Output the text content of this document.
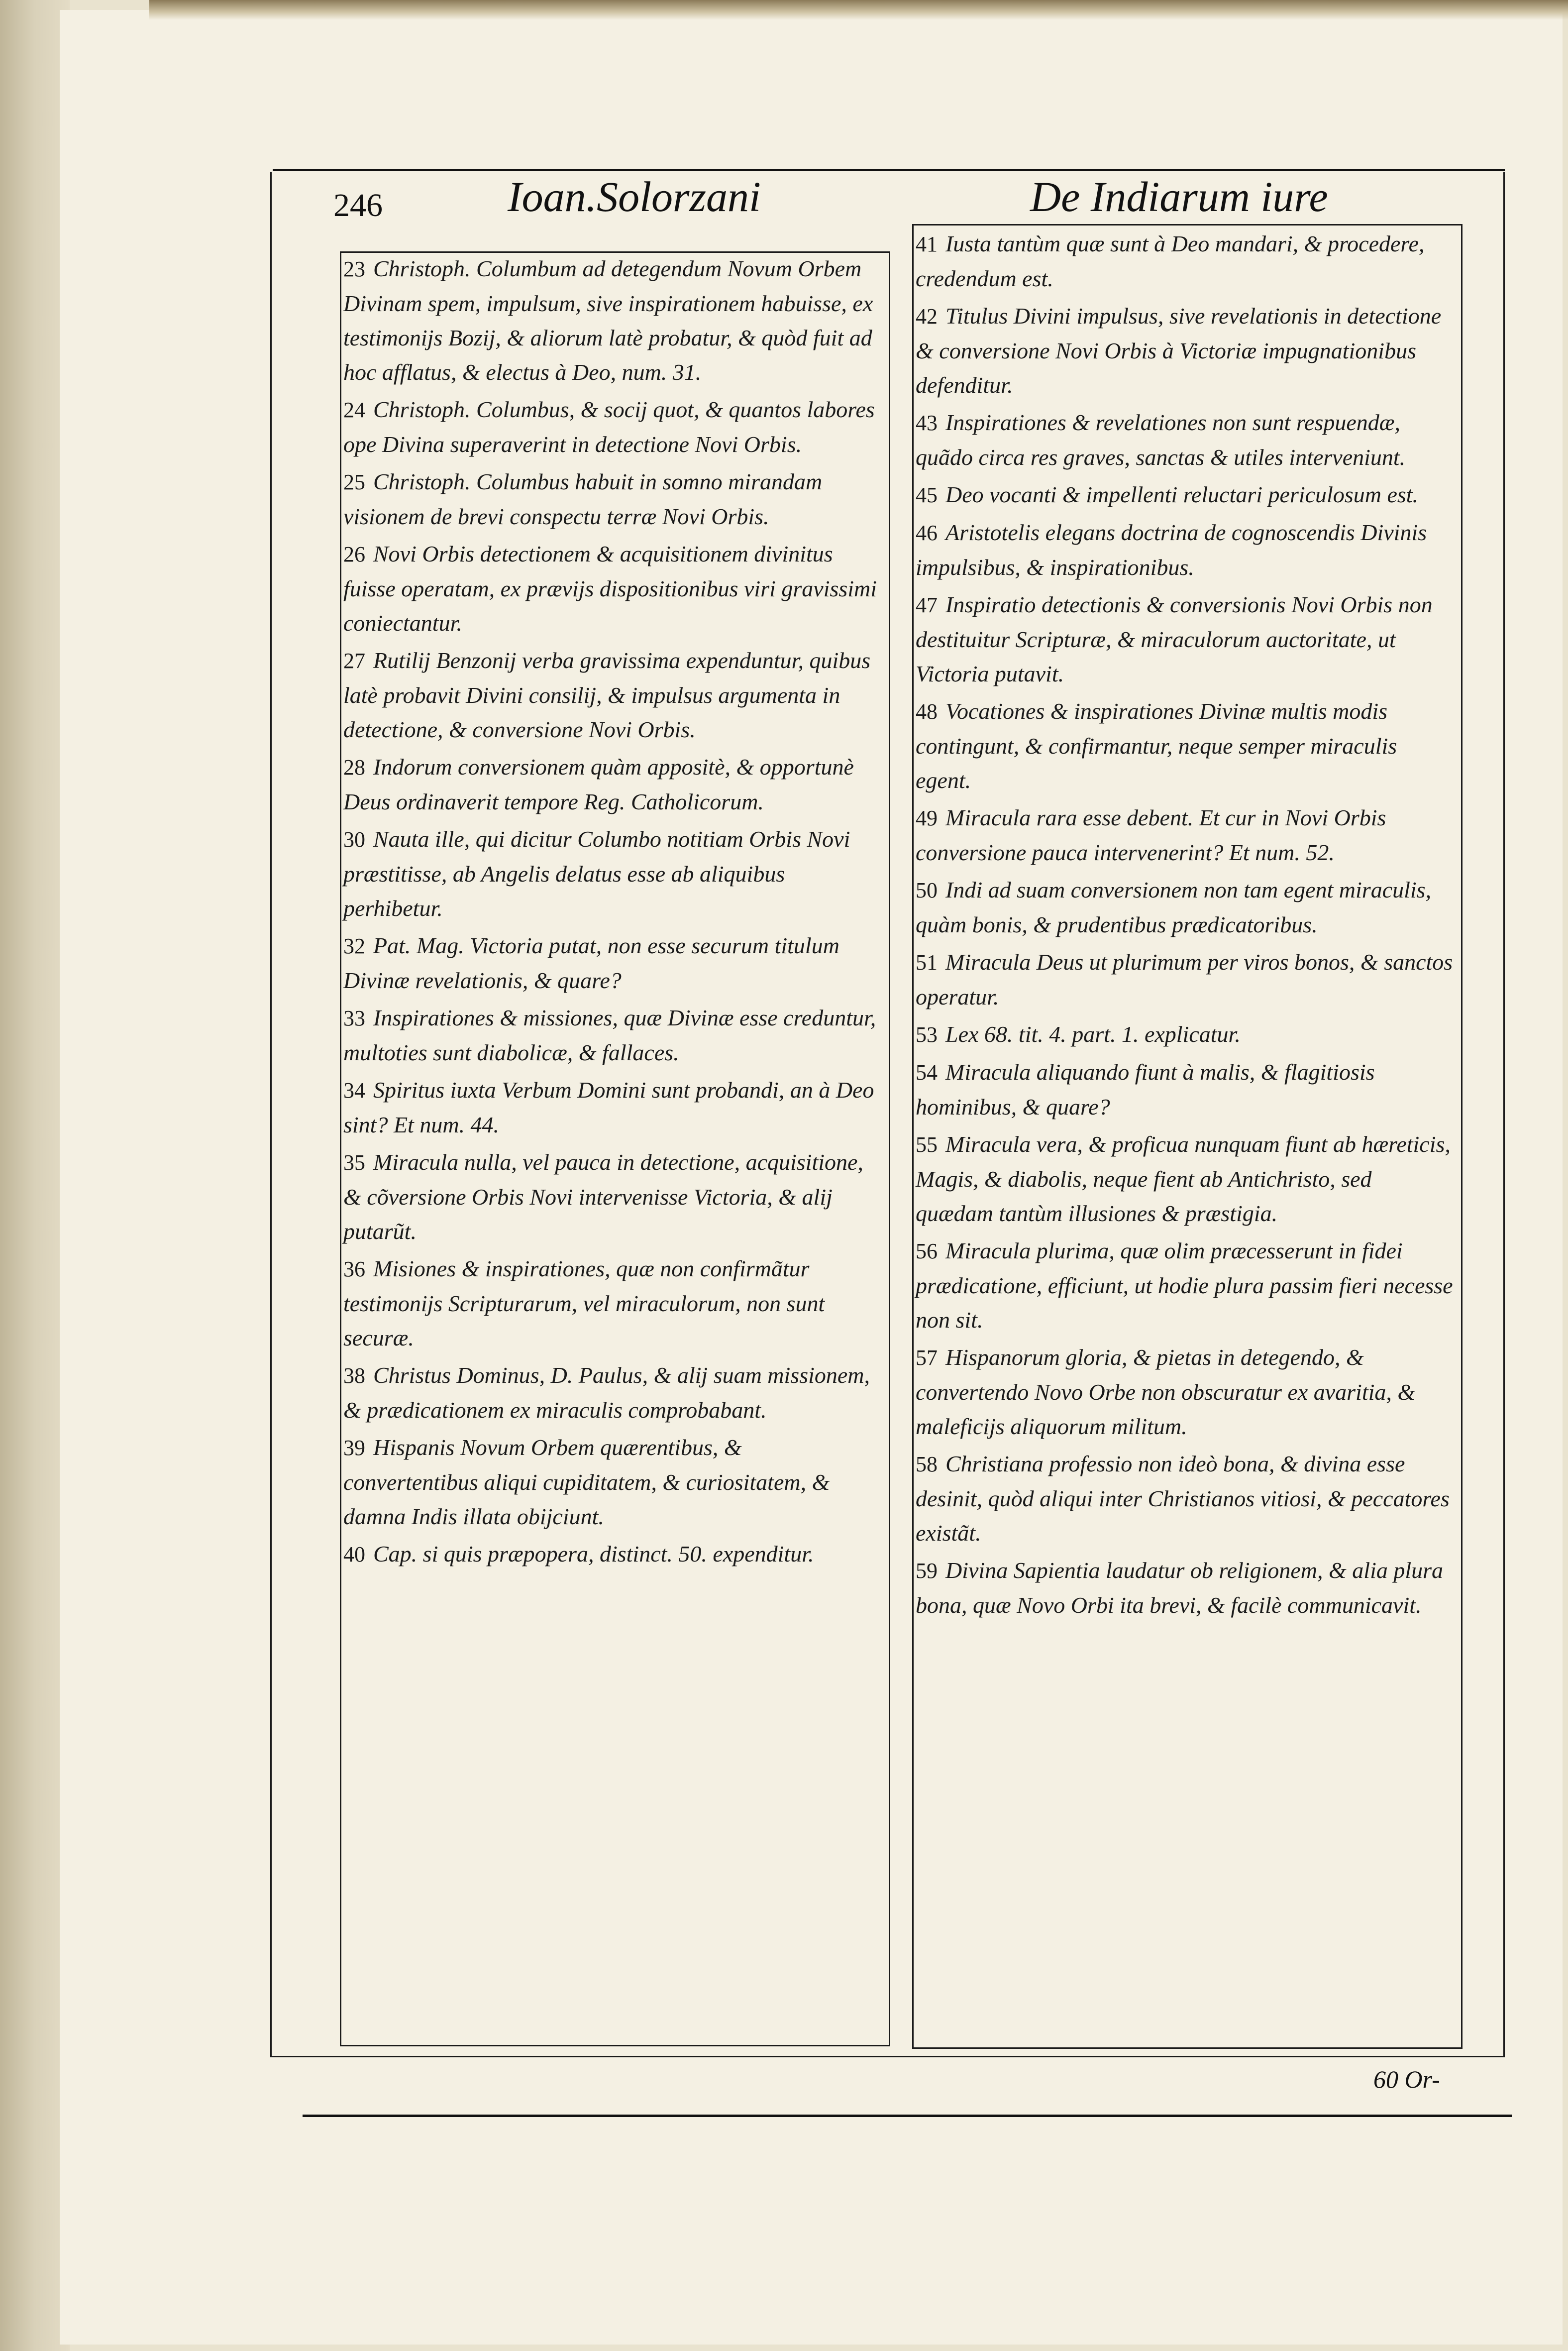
246	Ioan.Solorzani	De Indiarum iure
23 Christoph. Columbum ad detegendum Novum Orbem Divinam spem, impulsum, sive inspirationem habuisse, ex testimonijs Bozij, & aliorum latè probatur, & quòd fuit ad hoc afflatus, & electus à Deo, num. 31.
24 Christoph. Columbus, & socij quot, & quantos labores ope Divina superaverint in detectione Novi Orbis.
25 Christoph. Columbus habuit in somno mirandam visionem de brevi conspectu terræ Novi Orbis.
26 Novi Orbis detectionem & acquisitionem divinitus fuisse operatam, ex prævijs dispositionibus viri gravissimi coniectantur.
27 Rutilij Benzonij verba gravissima expenduntur, quibus latè probavit Divini consilij, & impulsus argumenta in detectione, & conversione Novi Orbis.
28 Indorum conversionem quàm appositè, & opportunè Deus ordinaverit tempore Reg. Catholicorum.
30 Nauta ille, qui dicitur Columbo notitiam Orbis Novi præstitisse, ab Angelis delatus esse ab aliquibus perhibetur.
32 Pat. Mag. Victoria putat, non esse securum titulum Divinæ revelationis, & quare?
33 Inspirationes & missiones, quæ Divinæ esse creduntur, multoties sunt diabolicæ, & fallaces.
34 Spiritus iuxta Verbum Domini sunt probandi, an à Deo sint? Et num. 44.
35 Miracula nulla, vel pauca in detectione, acquisitione, & cõversione Orbis Novi intervenisse Victoria, & alij putarũt.
36 Misiones & inspirationes, quæ non confirmãtur testimonijs Scripturarum, vel miraculorum, non sunt securæ.
38 Christus Dominus, D. Paulus, & alij suam missionem, & prædicationem ex miraculis comprobabant.
39 Hispanis Novum Orbem quærentibus, & convertentibus aliqui cupiditatem, & curiositatem, & damna Indis illata obijciunt.
40 Cap. si quis præpopera, distinct. 50. expenditur.
41 Iusta tantùm quæ sunt à Deo mandari, & procedere, credendum est.
42 Titulus Divini impulsus, sive revelationis in detectione & conversione Novi Orbis à Victoriæ impugnationibus defenditur.
43 Inspirationes & revelationes non sunt respuendæ, quãdo circa res graves, sanctas & utiles interveniunt.
45 Deo vocanti & impellenti reluctari periculosum est.
46 Aristotelis elegans doctrina de cognoscendis Divinis impulsibus, & inspirationibus.
47 Inspiratio detectionis & conversionis Novi Orbis non destituitur Scripturæ, & miraculorum auctoritate, ut Victoria putavit.
48 Vocationes & inspirationes Divinæ multis modis contingunt, & confirmantur, neque semper miraculis egent.
49 Miracula rara esse debent. Et cur in Novi Orbis conversione pauca intervenerint? Et num. 52.
50 Indi ad suam conversionem non tam egent miraculis, quàm bonis, & prudentibus prædicatoribus.
51 Miracula Deus ut plurimum per viros bonos, & sanctos operatur.
53 Lex 68. tit. 4. part. 1. explicatur.
54 Miracula aliquando fiunt à malis, & flagitiosis hominibus, & quare?
55 Miracula vera, & proficua nunquam fiunt ab hæreticis, Magis, & diabolis, neque fient ab Antichristo, sed quædam tantùm illusiones & præstigia.
56 Miracula plurima, quæ olim præcesserunt in fidei prædicatione, efficiunt, ut hodie plura passim fieri necesse non sit.
57 Hispanorum gloria, & pietas in detegendo, & convertendo Novo Orbe non obscuratur ex avaritia, & maleficijs aliquorum militum.
58 Christiana professio non ideò bona, & divina esse desinit, quòd aliqui inter Christianos vitiosi, & peccatores existãt.
59 Divina Sapientia laudatur ob religionem, & alia plura bona, quæ Novo Orbi ita brevi, & facilè communicavit.
60 Or-
